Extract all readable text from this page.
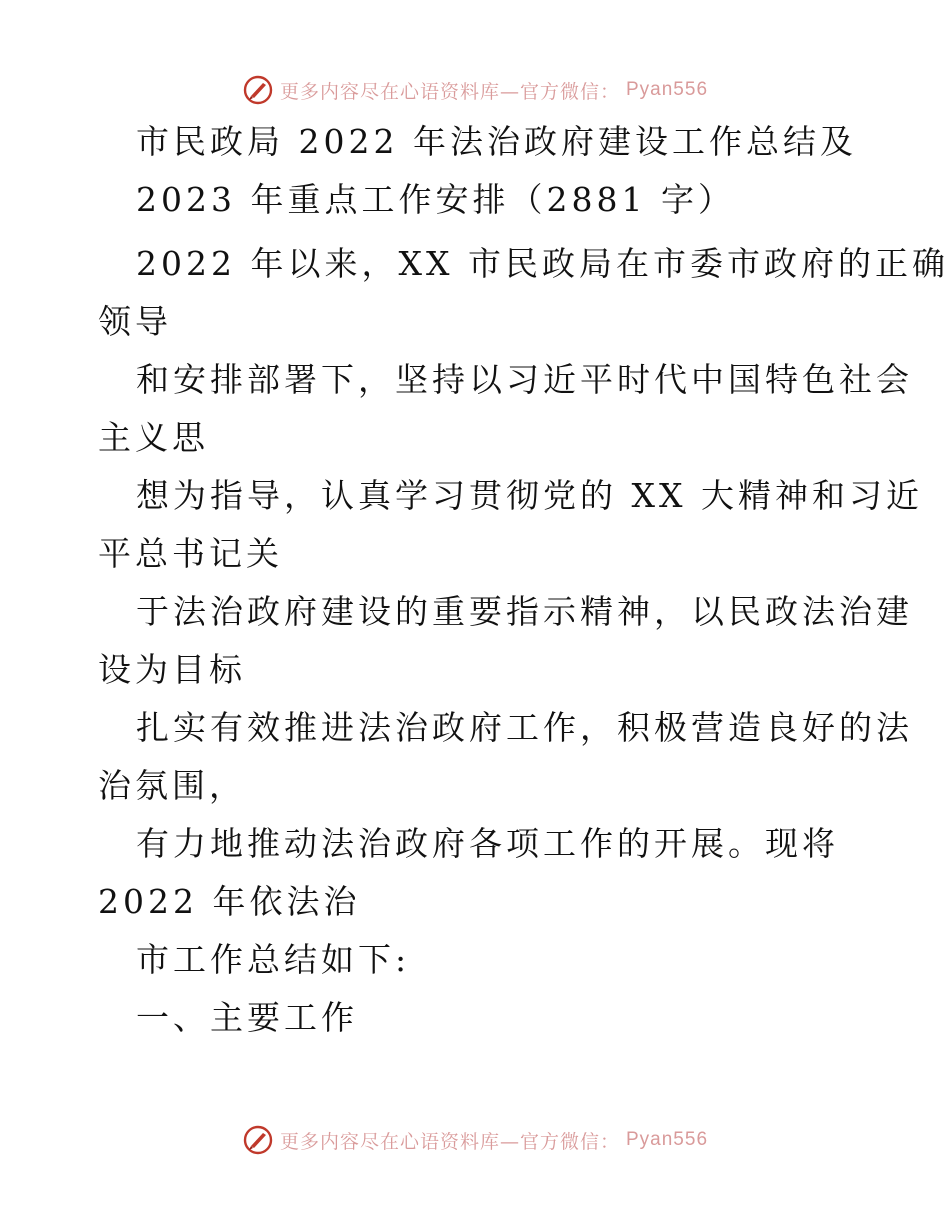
更多内容尽在心语资料库—官方微信： Pyan556
市民政局 2022 年法治政府建设工作总结及
2023 年重点工作安排（2881 字）
2022 年以来，XX 市民政局在市委市政府的正确
领导
和安排部署下，坚持以习近平时代中国特色社会
主义思
想为指导，认真学习贯彻党的 XX 大精神和习近
平总书记关
于法治政府建设的重要指示精神，以民政法治建
设为目标
扎实有效推进法治政府工作，积极营造良好的法
治氛围，
有力地推动法治政府各项工作的开展。现将
2022 年依法治
市工作总结如下:
一、主要工作
更多内容尽在心语资料库—官方微信： Pyan556
